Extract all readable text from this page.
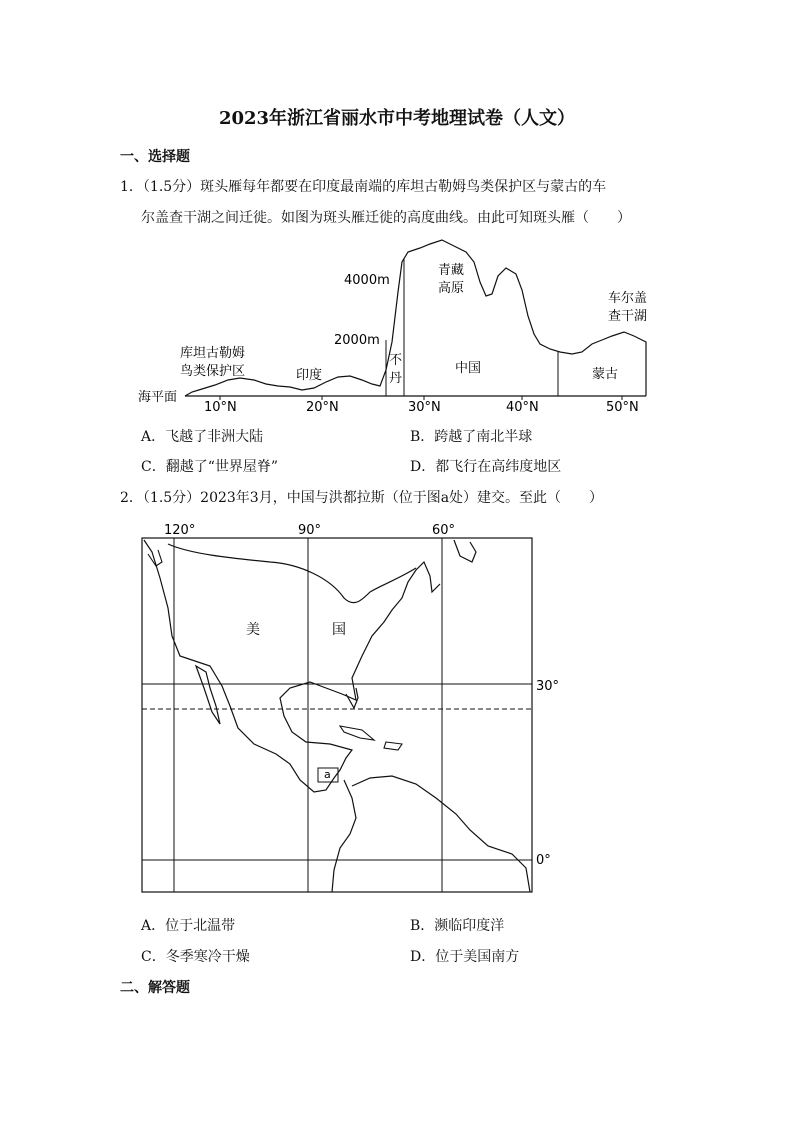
2023年浙江省丽水市中考地理试卷（人文）
一、选择题
1．（1.5分）斑头雁每年都要在印度最南端的库坦古勒姆鸟类保护区与蒙古的车
尔盖查干湖之间迁徙。如图为斑头雁迁徙的高度曲线。由此可知斑头雁（　　）
4000m
2000m
海平面
10°N	20°N	30°N	40°N	50°N
库坦古勒姆
鸟类保护区	印度
不
丹
青藏
高原
中国	蒙古
车尔盖
查干湖
A．飞越了非洲大陆	B．跨越了南北半球
C．翻越了“世界屋脊”	D．都飞行在高纬度地区
2．（1.5分）2023年3月，中国与洪都拉斯（位于图a处）建交。至此（　　）
120°	90°	60°
30°
0°
美	国
a
A．位于北温带	B．濒临印度洋
C．冬季寒冷干燥	D．位于美国南方
二、解答题
